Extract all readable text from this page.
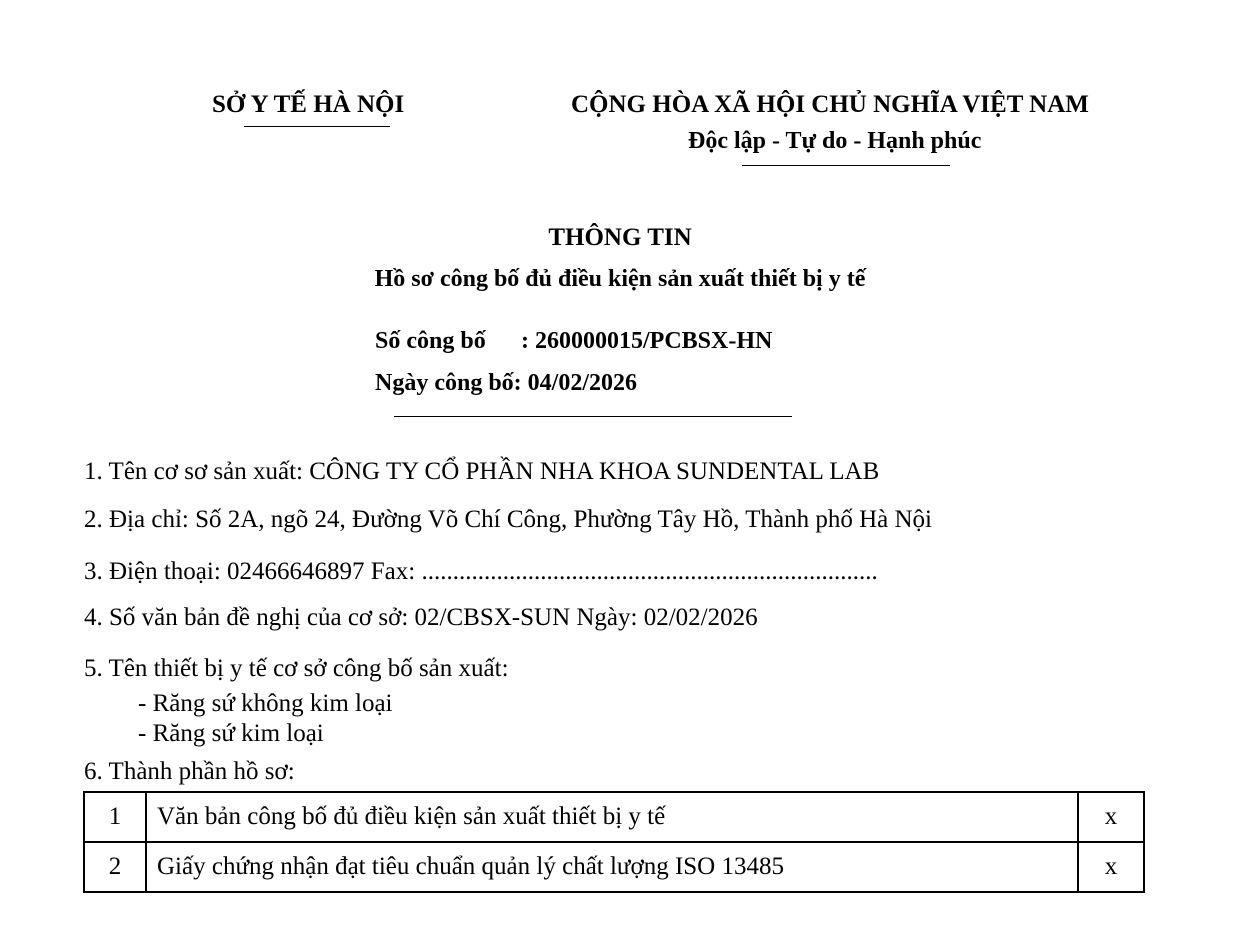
SỞ Y TẾ HÀ NỘI	CỘNG HÒA XÃ HỘI CHỦ NGHĨA VIỆT NAM
Độc lập - Tự do - Hạnh phúc
THÔNG TIN
Hồ sơ công bố đủ điều kiện sản xuất thiết bị y tế
Số công bố : 260000015/PCBSX-HN
Ngày công bố: 04/02/2026
1. Tên cơ sơ sản xuất: CÔNG TY CỔ PHẦN NHA KHOA SUNDENTAL LAB
2. Địa chỉ: Số 2A, ngõ 24, Đường Võ Chí Công, Phường Tây Hồ, Thành phố Hà Nội
3. Điện thoại: 02466646897 Fax: .........................................................................
4. Số văn bản đề nghị của cơ sở: 02/CBSX-SUN Ngày: 02/02/2026
5. Tên thiết bị y tế cơ sở công bố sản xuất:
- Răng sứ không kim loại
- Răng sứ kim loại
6. Thành phần hồ sơ:
1	Văn bản công bố đủ điều kiện sản xuất thiết bị y tế	x
2	Giấy chứng nhận đạt tiêu chuẩn quản lý chất lượng ISO 13485	x
